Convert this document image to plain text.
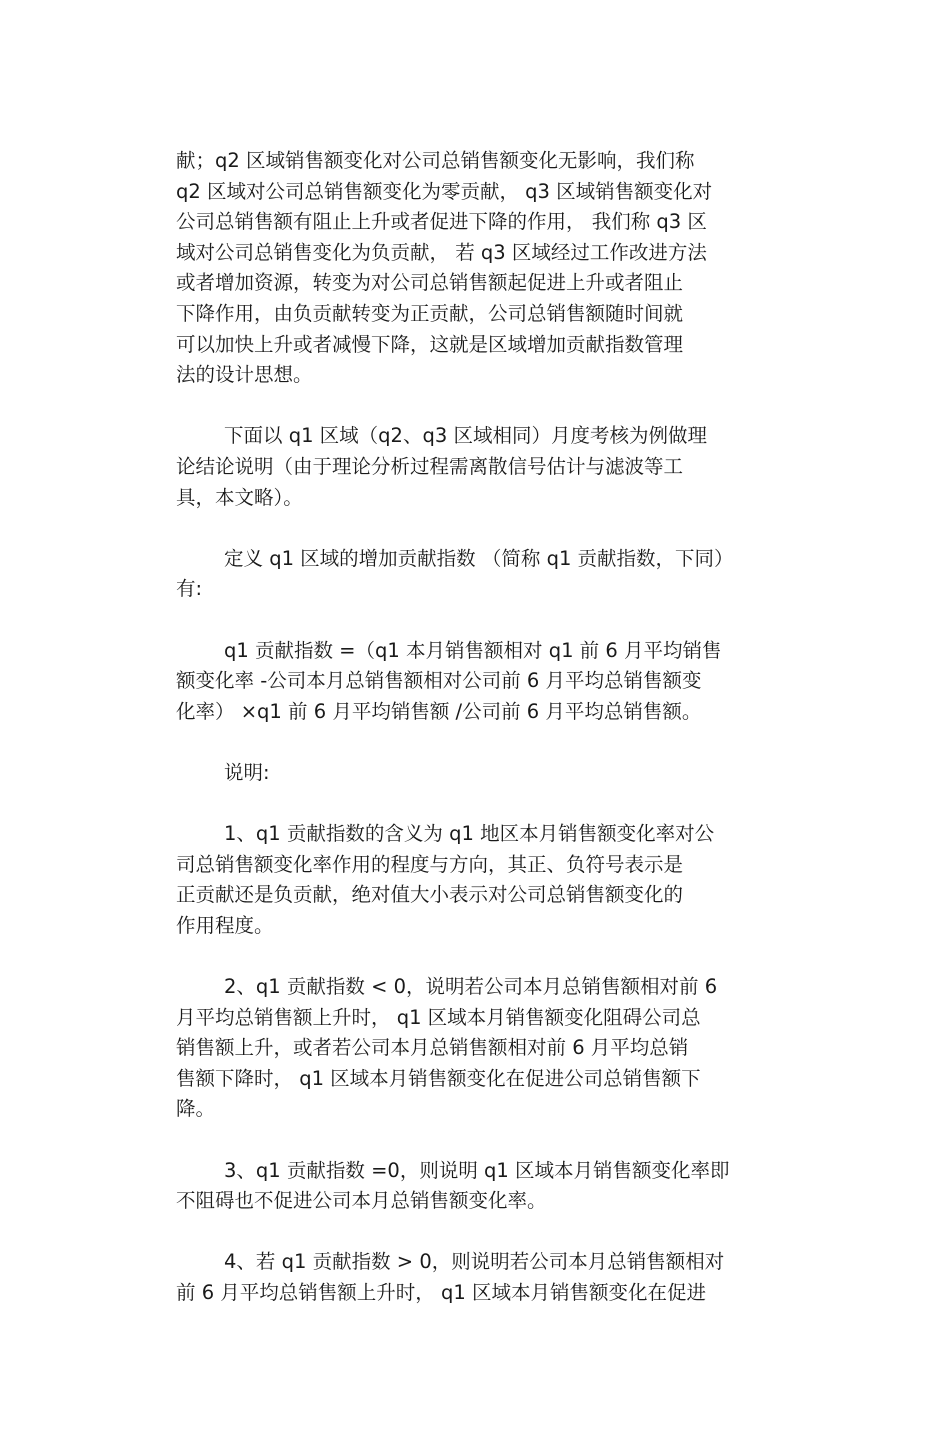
献；q2 区域销售额变化对公司总销售额变化无影响，我们称
q2 区域对公司总销售额变化为零贡献， q3 区域销售额变化对
公司总销售额有阻止上升或者促进下降的作用， 我们称 q3 区
域对公司总销售变化为负贡献， 若 q3 区域经过工作改进方法
或者增加资源，转变为对公司总销售额起促进上升或者阻止
下降作用，由负贡献转变为正贡献，公司总销售额随时间就
可以加快上升或者减慢下降，这就是区域增加贡献指数管理
法的设计思想。

下面以 q1 区域（q2、q3 区域相同）月度考核为例做理
论结论说明（由于理论分析过程需离散信号估计与滤波等工
具，本文略）。

定义 q1 区域的增加贡献指数 （简称 q1 贡献指数，下同）
有:

q1 贡献指数 =（q1 本月销售额相对 q1 前 6 月平均销售
额变化率 -公司本月总销售额相对公司前 6 月平均总销售额变
化率） ×q1 前 6 月平均销售额 /公司前 6 月平均总销售额。

说明:

1、q1 贡献指数的含义为 q1 地区本月销售额变化率对公
司总销售额变化率作用的程度与方向，其正、负符号表示是
正贡献还是负贡献，绝对值大小表示对公司总销售额变化的
作用程度。

2、q1 贡献指数 < 0，说明若公司本月总销售额相对前 6
月平均总销售额上升时， q1 区域本月销售额变化阻碍公司总
销售额上升，或者若公司本月总销售额相对前 6 月平均总销
售额下降时， q1 区域本月销售额变化在促进公司总销售额下
降。

3、q1 贡献指数 =0，则说明 q1 区域本月销售额变化率即
不阻碍也不促进公司本月总销售额变化率。

4、若 q1 贡献指数 > 0，则说明若公司本月总销售额相对
前 6 月平均总销售额上升时， q1 区域本月销售额变化在促进
